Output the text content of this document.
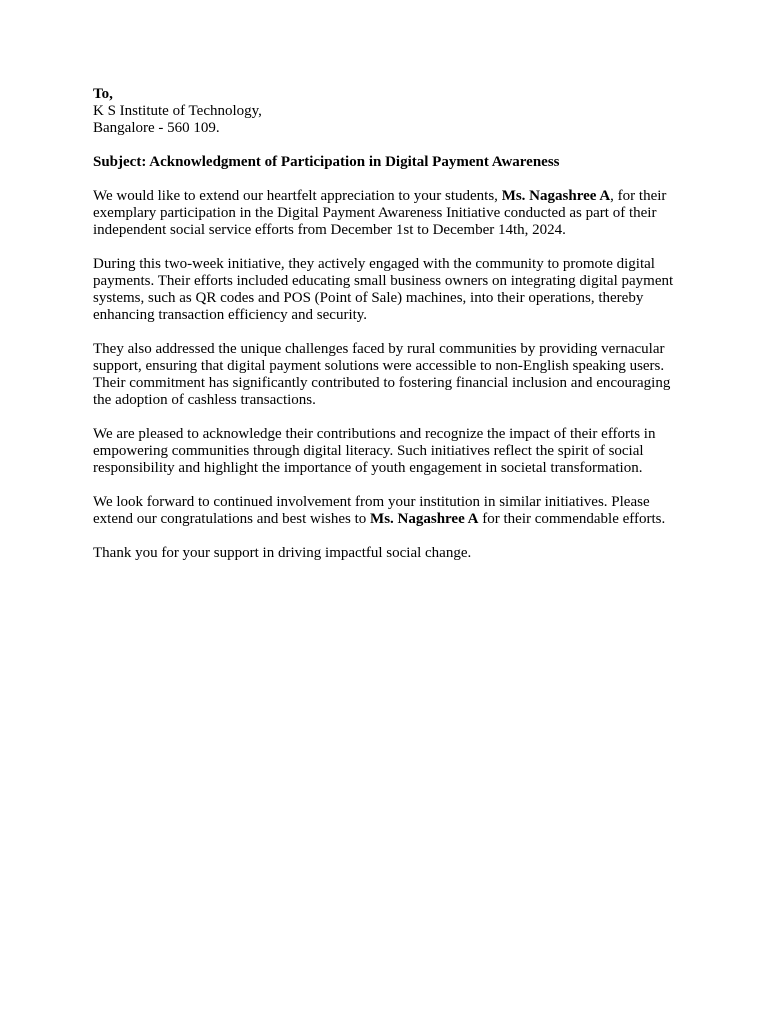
To,
K S Institute of Technology,
Bangalore - 560 109.

Subject: Acknowledgment of Participation in Digital Payment Awareness

We would like to extend our heartfelt appreciation to your students, Ms. Nagashree A, for their exemplary participation in the Digital Payment Awareness Initiative conducted as part of their independent social service efforts from December 1st to December 14th, 2024.

During this two-week initiative, they actively engaged with the community to promote digital payments. Their efforts included educating small business owners on integrating digital payment systems, such as QR codes and POS (Point of Sale) machines, into their operations, thereby enhancing transaction efficiency and security.

They also addressed the unique challenges faced by rural communities by providing vernacular support, ensuring that digital payment solutions were accessible to non-English speaking users. Their commitment has significantly contributed to fostering financial inclusion and encouraging the adoption of cashless transactions.

We are pleased to acknowledge their contributions and recognize the impact of their efforts in empowering communities through digital literacy. Such initiatives reflect the spirit of social responsibility and highlight the importance of youth engagement in societal transformation.

We look forward to continued involvement from your institution in similar initiatives. Please extend our congratulations and best wishes to Ms. Nagashree A for their commendable efforts.

Thank you for your support in driving impactful social change.
